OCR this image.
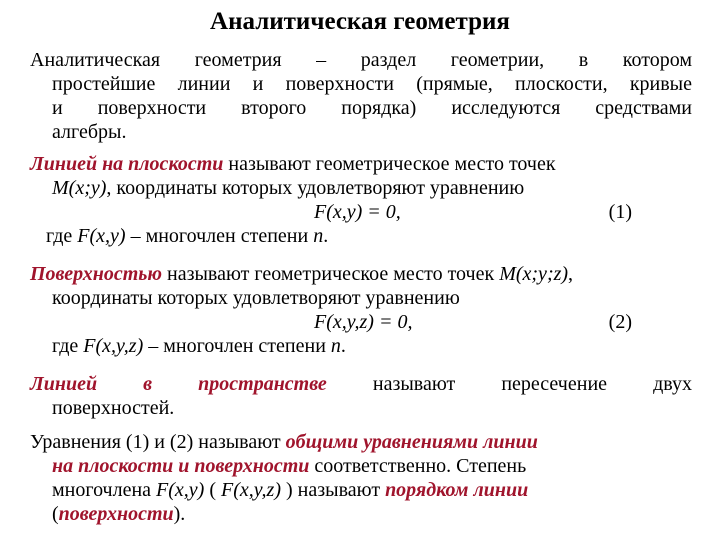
Аналитическая геометрия
Аналитическая геометрия – раздел геометрии, в котором
простейшие линии и поверхности (прямые, плоскости, кривые
и поверхности второго порядка) исследуются средствами
алгебры.
Линией на плоскости называют геометрическое место точек
M(x;y), координаты которых удовлетворяют уравнению
F(x,y) = 0,	(1)
где F(x,y) – многочлен степени n.
Поверхностью называют геометрическое место точек M(x;y;z),
координаты которых удовлетворяют уравнению
F(x,y,z) = 0,	(2)
где F(x,y,z) – многочлен степени n.
Линией в пространстве называют пересечение двух
поверхностей.
Уравнения (1) и (2) называют общими уравнениями линии
на плоскости и поверхности соответственно. Степень
многочлена F(x,y) ( F(x,y,z) ) называют порядком линии
(поверхности).
